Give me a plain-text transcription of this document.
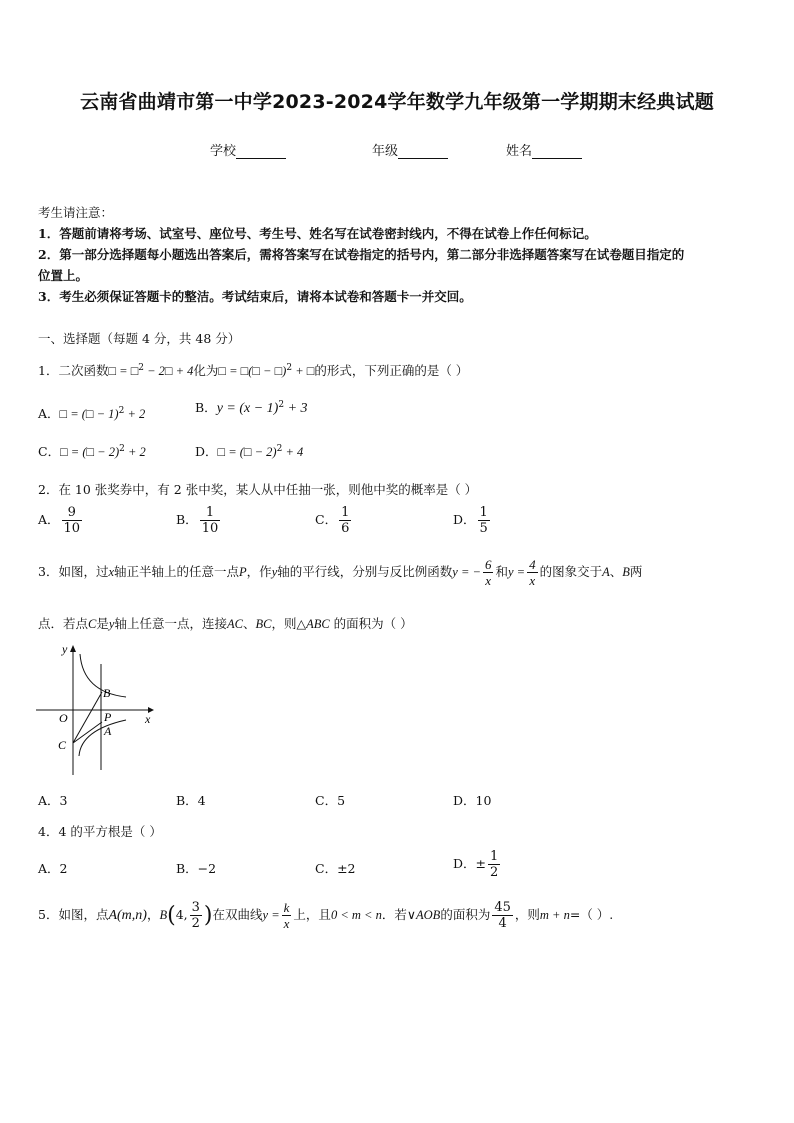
云南省曲靖市第一中学2023-2024学年数学九年级第一学期期末经典试题
学校	年级	姓名
考生请注意：
1．答题前请将考场、试室号、座位号、考生号、姓名写在试卷密封线内，不得在试卷上作任何标记。
2．第一部分选择题每小题选出答案后，需将答案写在试卷指定的括号内，第二部分非选择题答案写在试卷题目指定的
位置上。
3．考生必须保证答题卡的整洁。考试结束后，请将本试卷和答题卡一并交回。
一、选择题（每题 4 分，共 48 分）
1．二次函数□ = □$^2$ − 2□ + 4化为□ = □(□ − □)$^2$ + □的形式，下列正确的是（ ）
A．□ = (□ − 1)$^2$ + 2	B．$y = (x - 1)^2 + 3$
C．□ = (□ − 2)$^2$ + 2	D．□ = (□ − 2)$^2$ + 4
2．在 10 张奖券中，有 2 张中奖，某人从中任抽一张，则他中奖的概率是（ ）
A． $\frac{9}{10}$	B． $\frac{1}{10}$	C． $\frac{1}{6}$	D． $\frac{1}{5}$
3．如图，过x轴正半轴上的任意一点P，作y轴的平行线，分别与反比例函数y = − $\frac{6}{x}$ 和$y = \frac{4}{x}$ 的图象交于A、B两
点．若点C是y轴上任意一点，连接AC、BC，则△ABC 的面积为（ ）
y
x
O
B
P
A
C
A．3	B．4	C．5	D．10
4．4 的平方根是（ ）
A．2	B．−2	C．±2	D．± $\frac{1}{2}$
5．如图，点A(m,n)，B(4, $\frac{3}{2}$ )在双曲线$y = \frac{k}{x}$ 上，且0 < m < n．若∨AOB的面积为 $\frac{45}{4}$ ，则m + n=（ ）.
